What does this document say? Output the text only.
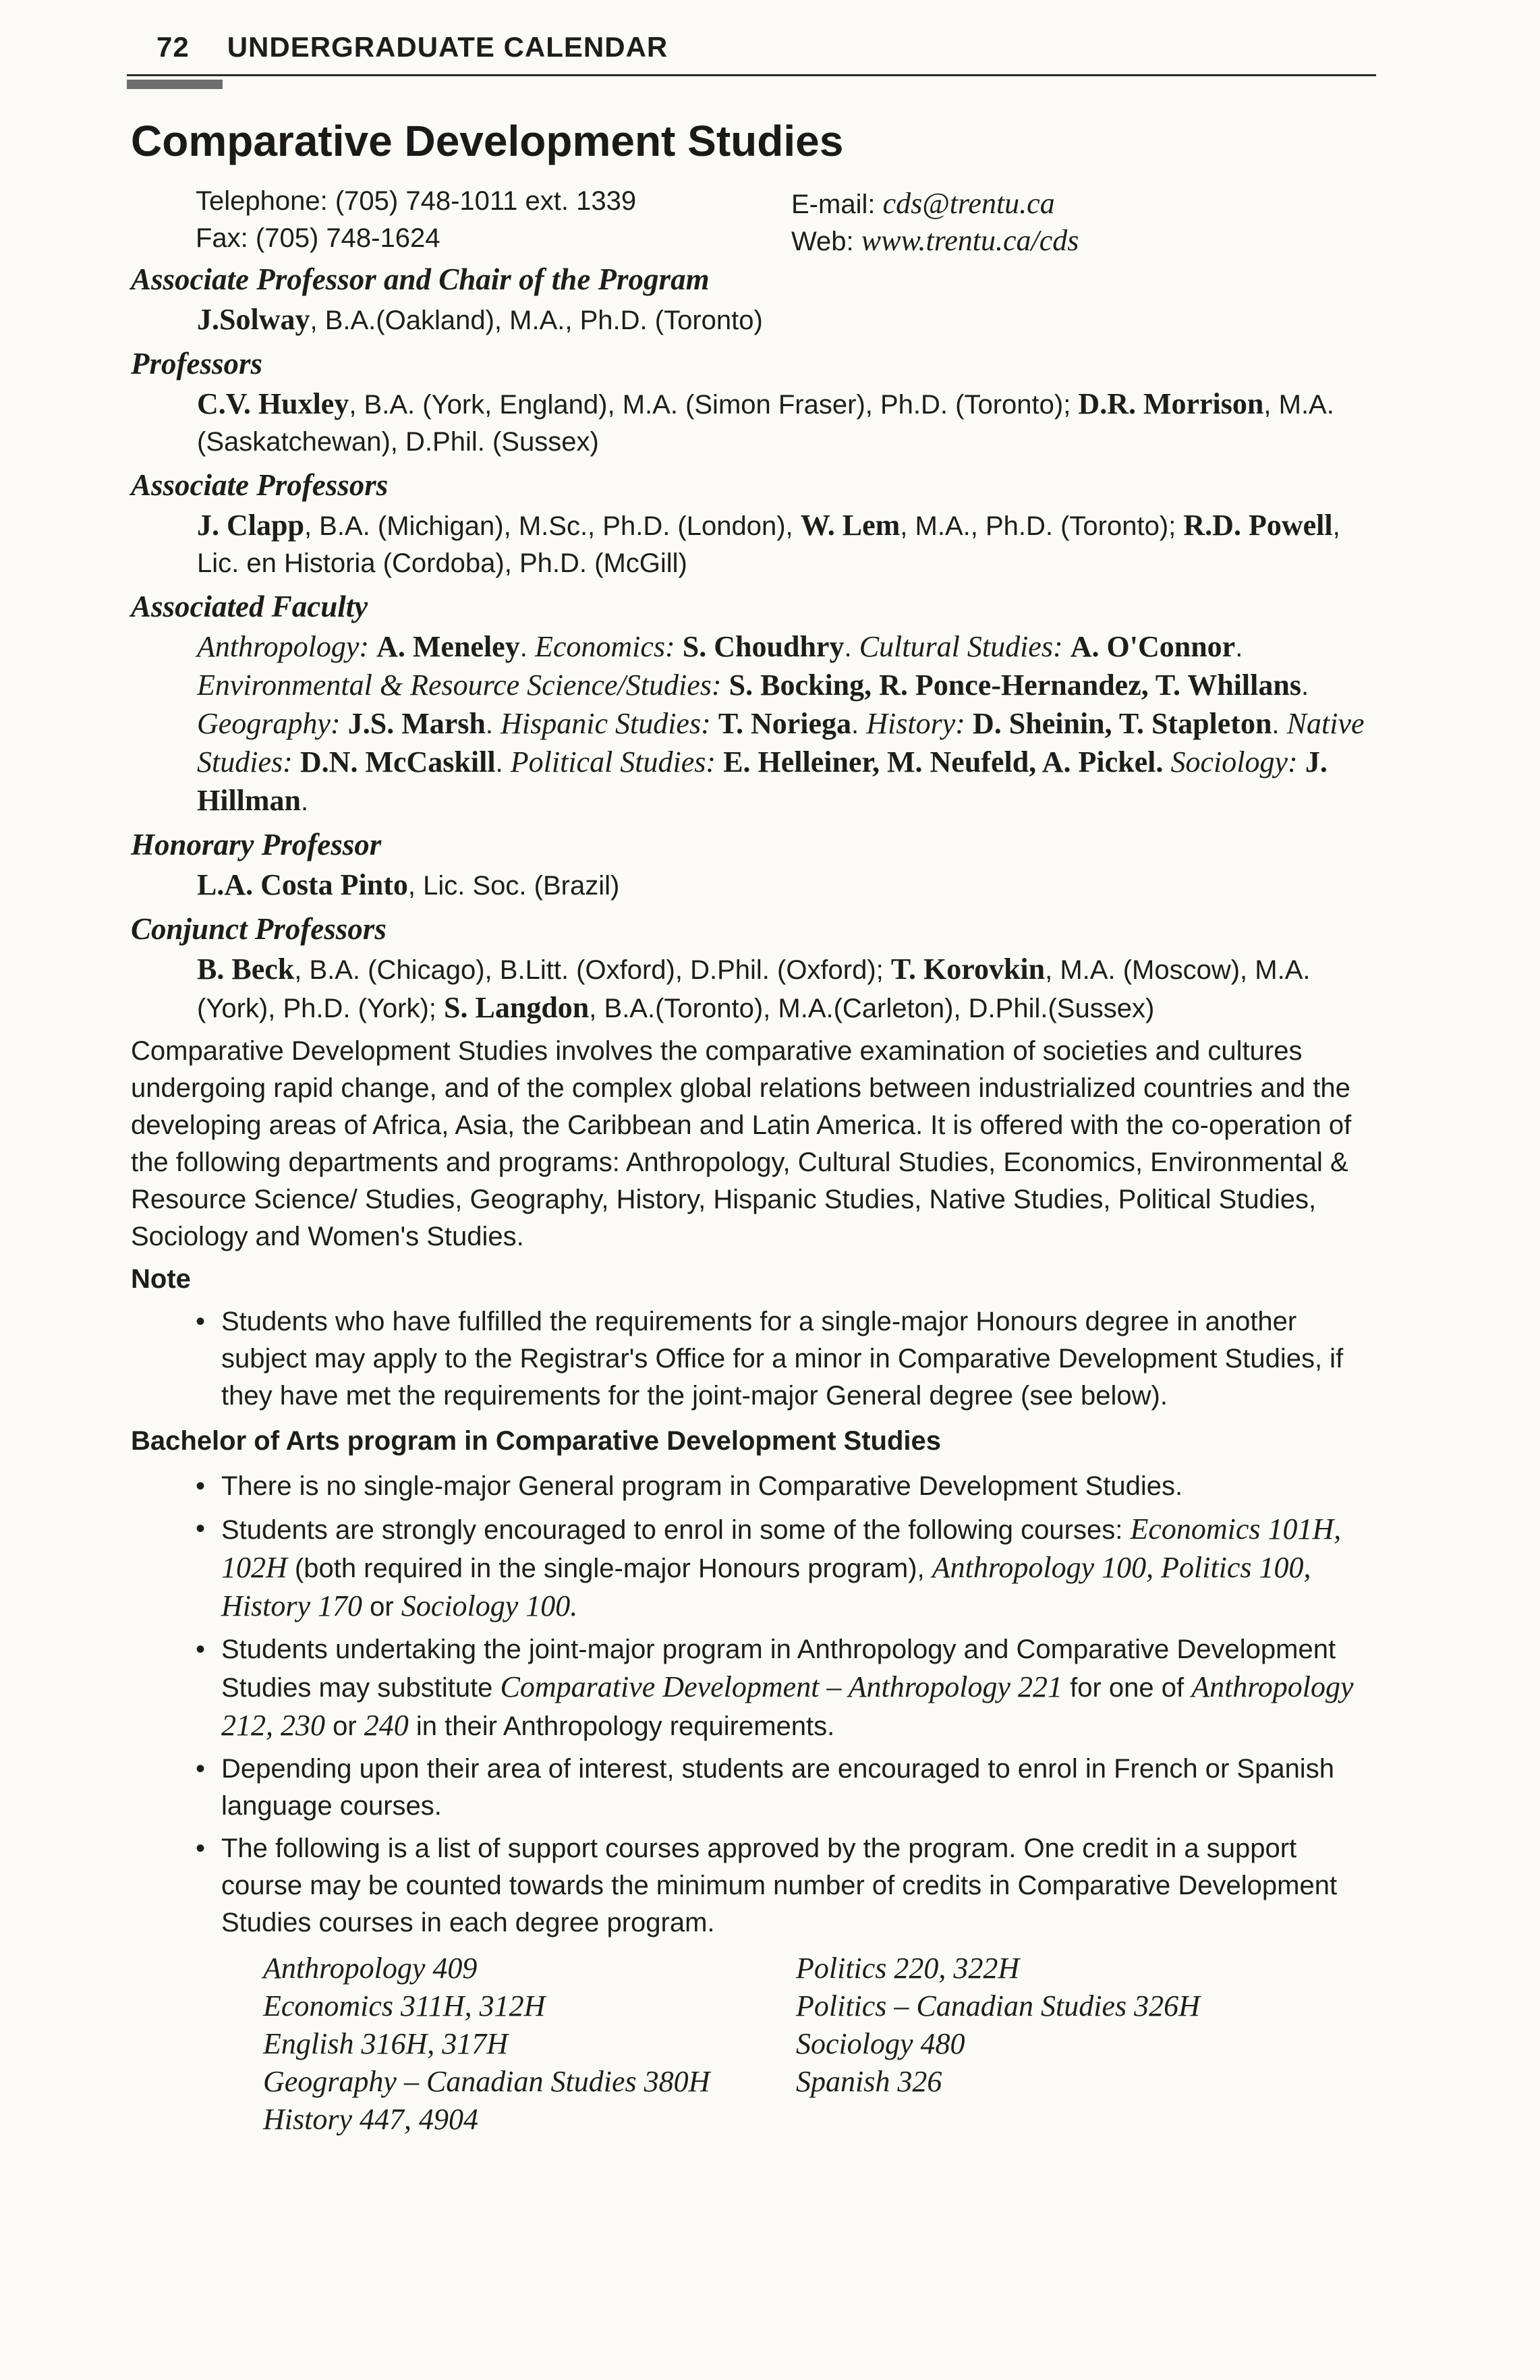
72 UNDERGRADUATE CALENDAR
Comparative Development Studies
Telephone: (705) 748-1011 ext. 1339
Fax: (705) 748-1624
E-mail: cds@trentu.ca
Web: www.trentu.ca/cds

Associate Professor and Chair of the Program

J.Solway, B.A.(Oakland), M.A., Ph.D. (Toronto)

Professors

C.V. Huxley, B.A. (York, England), M.A. (Simon Fraser), Ph.D. (Toronto); D.R. Morrison, M.A. (Saskatchewan), D.Phil. (Sussex)

Associate Professors

J. Clapp, B.A. (Michigan), M.Sc., Ph.D. (London), W. Lem, M.A., Ph.D. (Toronto); R.D. Powell, Lic. en Historia (Cordoba), Ph.D. (McGill)

Associated Faculty

Anthropology: A. Meneley. Economics: S. Choudhry. Cultural Studies: A. O'Connor. Environmental & Resource Science/Studies: S. Bocking, R. Ponce-Hernandez, T. Whillans. Geography: J.S. Marsh. Hispanic Studies: T. Noriega. History: D. Sheinin, T. Stapleton. Native Studies: D.N. McCaskill. Political Studies: E. Helleiner, M. Neufeld, A. Pickel. Sociology: J. Hillman.

Honorary Professor

L.A. Costa Pinto, Lic. Soc. (Brazil)

Conjunct Professors

B. Beck, B.A. (Chicago), B.Litt. (Oxford), D.Phil. (Oxford); T. Korovkin, M.A. (Moscow), M.A. (York), Ph.D. (York); S. Langdon, B.A.(Toronto), M.A.(Carleton), D.Phil.(Sussex)

Comparative Development Studies involves the comparative examination of societies and cultures undergoing rapid change, and of the complex global relations between industrialized countries and the developing areas of Africa, Asia, the Caribbean and Latin America. It is offered with the co-operation of the following departments and programs: Anthropology, Cultural Studies, Economics, Environmental & Resource Science/ Studies, Geography, History, Hispanic Studies, Native Studies, Political Studies, Sociology and Women's Studies.

Note

• Students who have fulfilled the requirements for a single-major Honours degree in another subject may apply to the Registrar's Office for a minor in Comparative Development Studies, if they have met the requirements for the joint-major General degree (see below).

Bachelor of Arts program in Comparative Development Studies

• There is no single-major General program in Comparative Development Studies.
• Students are strongly encouraged to enrol in some of the following courses: Economics 101H, 102H (both required in the single-major Honours program), Anthropology 100, Politics 100, History 170 or Sociology 100.
• Students undertaking the joint-major program in Anthropology and Comparative Development Studies may substitute Comparative Development – Anthropology 221 for one of Anthropology 212, 230 or 240 in their Anthropology requirements.
• Depending upon their area of interest, students are encouraged to enrol in French or Spanish language courses.
• The following is a list of support courses approved by the program. One credit in a support course may be counted towards the minimum number of credits in Comparative Development Studies courses in each degree program.
Anthropology 409
Economics 311H, 312H
English 316H, 317H
Geography – Canadian Studies 380H
History 447, 4904
Politics 220, 322H
Politics – Canadian Studies 326H
Sociology 480
Spanish 326
